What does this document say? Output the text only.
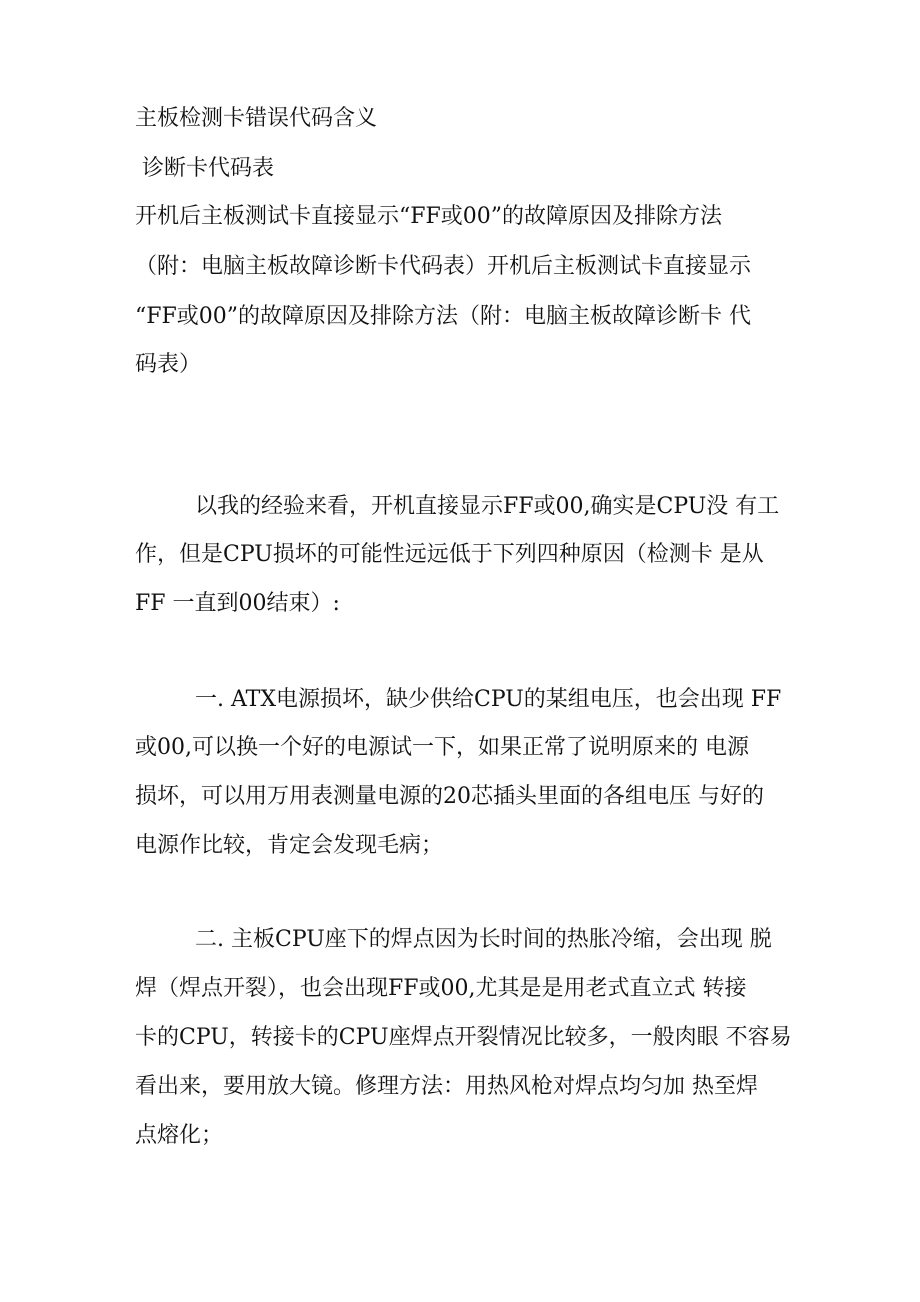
主板检测卡错误代码含义

诊断卡代码表

开机后主板测试卡直接显示“FF或00”的故障原因及排除方法

（附：电脑主板故障诊断卡代码表）开机后主板测试卡直接显示

“FF或00”的故障原因及排除方法（附：电脑主板故障诊断卡 代

码表）

以我的经验来看，开机直接显示FF或00,确实是CPU没 有工

作，但是CPU损坏的可能性远远低于下列四种原因（检测卡 是从

FF 一直到00结束）:

一. ATX电源损坏，缺少供给CPU的某组电压，也会出现 FF

或00,可以换一个好的电源试一下，如果正常了说明原来的 电源

损坏，可以用万用表测量电源的20芯插头里面的各组电压 与好的

电源作比较，肯定会发现毛病；

二. 主板CPU座下的焊点因为长时间的热胀冷缩，会出现 脱

焊（焊点开裂），也会出现FF或00,尤其是是用老式直立式 转接

卡的CPU，转接卡的CPU座焊点开裂情况比较多，一般肉眼 不容易

看出来，要用放大镜。修理方法：用热风枪对焊点均匀加 热至焊

点熔化；
